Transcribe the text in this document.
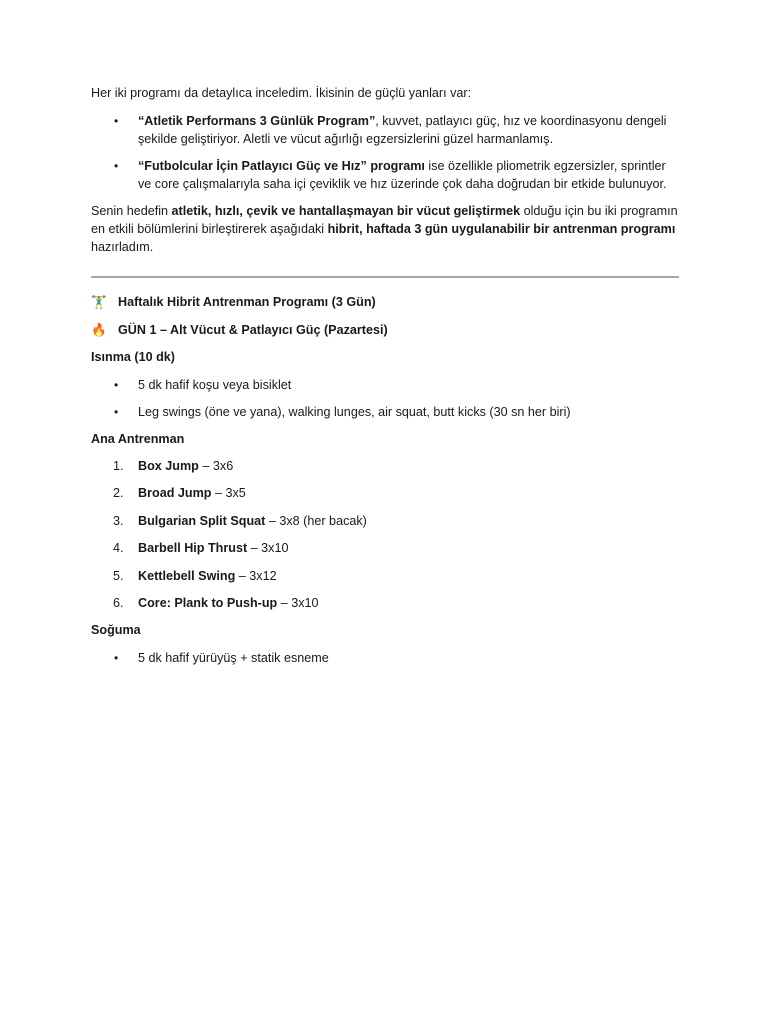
Her iki programı da detaylıca inceledim. İkisinin de güçlü yanları var:

• “Atletik Performans 3 Günlük Program”, kuvvet, patlayıcı güç, hız ve koordinasyonu dengeli şekilde geliştiriyor. Aletli ve vücut ağırlığı egzersizlerini güzel harmanlamış.
• “Futbolcular İçin Patlayıcı Güç ve Hız” programı ise özellikle pliometrik egzersizler, sprintler ve core çalışmalarıyla saha içi çeviklik ve hız üzerinde çok daha doğrudan bir etkide bulunuyor.

Senin hedefin atletik, hızlı, çevik ve hantallaşmayan bir vücut geliştirmek olduğu için bu iki programın en etkili bölümlerini birleştirerek aşağıdaki hibrit, haftada 3 gün uygulanabilir bir antrenman programı hazırladım.

🏋️‍♂️ Haftalık Hibrit Antrenman Programı (3 Gün)

🔥 GÜN 1 – Alt Vücut & Patlayıcı Güç (Pazartesi)

Isınma (10 dk)

• 5 dk hafif koşu veya bisiklet
• Leg swings (öne ve yana), walking lunges, air squat, butt kicks (30 sn her biri)

Ana Antrenman

1. Box Jump – 3x6
2. Broad Jump – 3x5
3. Bulgarian Split Squat – 3x8 (her bacak)
4. Barbell Hip Thrust – 3x10
5. Kettlebell Swing – 3x12
6. Core: Plank to Push-up – 3x10

Soğuma

• 5 dk hafif yürüyüş + statik esneme
